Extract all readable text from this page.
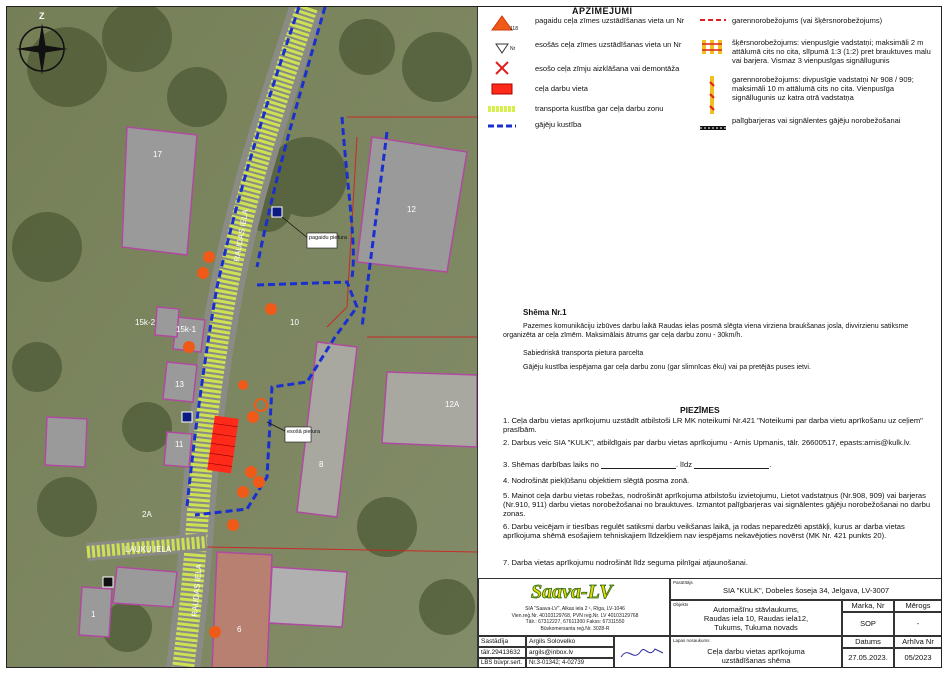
17
12
10
15k-2
15k-1
13
11
8
12A
2A
1
6
RAUDAS IELA
RAUDAS IELA
LAUKU IELA
pagaidu pietura
esošā pietura
Z	APZĪMĒJUMI
118
Nr
pagaidu ceļa zīmes uzstādīšanas vieta un Nr
esošās ceļa zīmes uzstādīšanas vieta un Nr
esošo ceļa zīmju aizklāšana vai demontāža
ceļa darbu vieta
transporta kustība gar ceļa darbu zonu
gājēju kustība
garennorobežojums (vai šķērsnorobežojums)
šķērsnorobežojums: vienpusīgie vadstatņi; maksimāli 2 m attālumā cits no cita, slīpumā 1:3 (1:2) pret brauktuves malu vai barjera. Vismaz 3 vienpusīgas signāllugunis
garennorobežojums: divpusīgie vadstatņi Nr 908 / 909; maksimāli 10 m attālumā cits no cita. Vienpusīga signāllugunis uz katra otrā vadstatņa
palīgbarjeras vai signālentes gājēju norobežošanai
Shēma Nr.1
Pazemes komunikāciju izbūves darbu laikā Raudas ielas posmā slēgta viena virziena braukšanas josla, divvirzienu satiksme organizēta ar ceļa zīmēm. Maksimālais ātrums gar ceļa darbu zonu - 30km/h.
Sabiedriskā transporta pietura parcelta
Gājēju kustība iespējama gar ceļa darbu zonu (gar slimnīcas ēku) vai pa pretējās puses ietvi.
PIEZĪMES
1. Ceļa darbu vietas aprīkojumu uzstādīt atbilstoši LR MK noteikumi Nr.421 "Noteikumi par darba vietu aprīkošanu uz ceļiem" prasībām.
2. Darbus veic SIA "KULK", atbildīgais par darbu vietas aprīkojumu - Arnis Upmanis, tālr. 26600517, epasts:arnis@kulk.lv.
3. Shēmas darbības laiks no	. līdz	.
4. Nodrošināt piekļūšanu objektiem slēgtā posma zonā.
5. Mainot ceļa darbu vietas robežas, nodrošināt aprīkojuma atbilstošu izvietojumu, Lietot vadstatņus (Nr.908, 909) vai barjeras (Nr.910, 911) darbu vietas norobežošanai no brauktuves. Izmantot palīgbarjeras vai signālentes gājēju norobežošanai no darbu zonas.
6. Darbu veicējam ir tiesības regulēt satiksmi darbu veikšanas laikā, ja rodas neparedzēti apstākļi, kurus ar darba vietas aprīkojuma shēmā esošajiem tehniskajiem līdzekļiem nav iespējams nekavējoties novērst (MK Nr. 421 punkts 20).
7. Darba vietas aprīkojumu nodrošināt līdz seguma pilnīgai atjaunošanai.
Saava-LV
SIA "Saava-LV", Alkas iela 2 ¹, Rīga, LV-1046
Vien.reģ.Nr. 40103129768, PVN reģ.Nr. LV 40103129768
Tālr.: 67312227, 67611300 Fakss: 67311550
Būvkomersanta reģ.Nr. 3028-R
Pasūtītājs
SIA "KULK", Dobeles šoseja 34, Jelgava, LV-3007
Objekts
Automašīnu stāvlaukums,
Raudas iela 10, Raudas iela12,
Tukums, Tukuma novads
Marka, Nr	Mērogs
SOP	-
Sastādīja	Argils Solovelko
tālr.29413632	argils@inbox.lv
LBS būvpr.sert.	Nr.3-01342; 4-02739
Lapas nosaukums
Ceļa darbu vietas aprīkojuma
uzstādīšanas shēma
Datums	Arhīva Nr
27.05.2023.	05/2023
